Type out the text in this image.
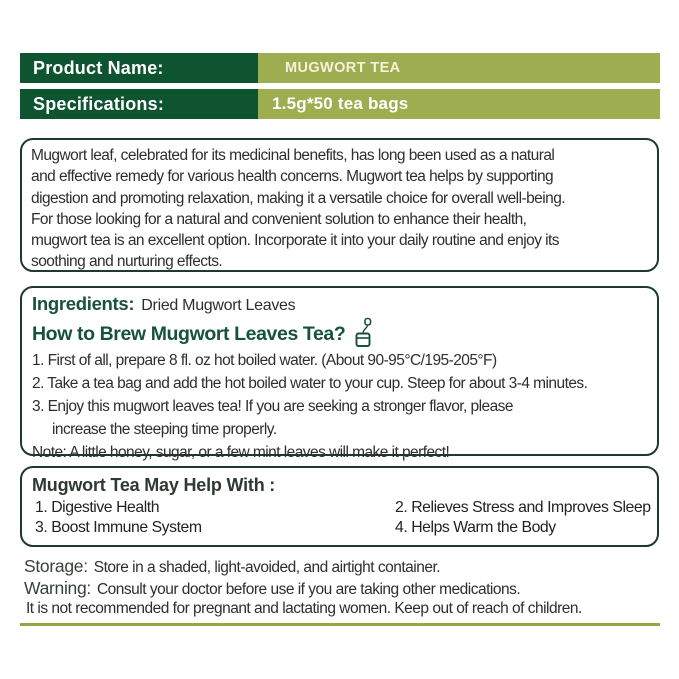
Product Name:	MUGWORT TEA
Specifications:	1.5g*50 tea bags
Mugwort leaf, celebrated for its medicinal benefits, has long been used as a natural
and effective remedy for various health concerns. Mugwort tea helps by supporting
digestion and promoting relaxation, making it a versatile choice for overall well-being.
For those looking for a natural and convenient solution to enhance their health,
mugwort tea is an excellent option. Incorporate it into your daily routine and enjoy its
soothing and nurturing effects.
Ingredients: Dried Mugwort Leaves
How to Brew Mugwort Leaves Tea?
1. First of all, prepare 8 fl. oz hot boiled water. (About 90-95°C/195-205°F)
2. Take a tea bag and add the hot boiled water to your cup. Steep for about 3-4 minutes.
3. Enjoy this mugwort leaves tea! If you are seeking a stronger flavor, please
increase the steeping time properly.
Note: A little honey, sugar, or a few mint leaves will make it perfect!
Mugwort Tea May Help With :
1. Digestive Health	2. Relieves Stress and Improves Sleep
3. Boost Immune System	4. Helps Warm the Body
Storage: Store in a shaded, light-avoided, and airtight container.
Warning: Consult your doctor before use if you are taking other medications.
It is not recommended for pregnant and lactating women. Keep out of reach of children.
